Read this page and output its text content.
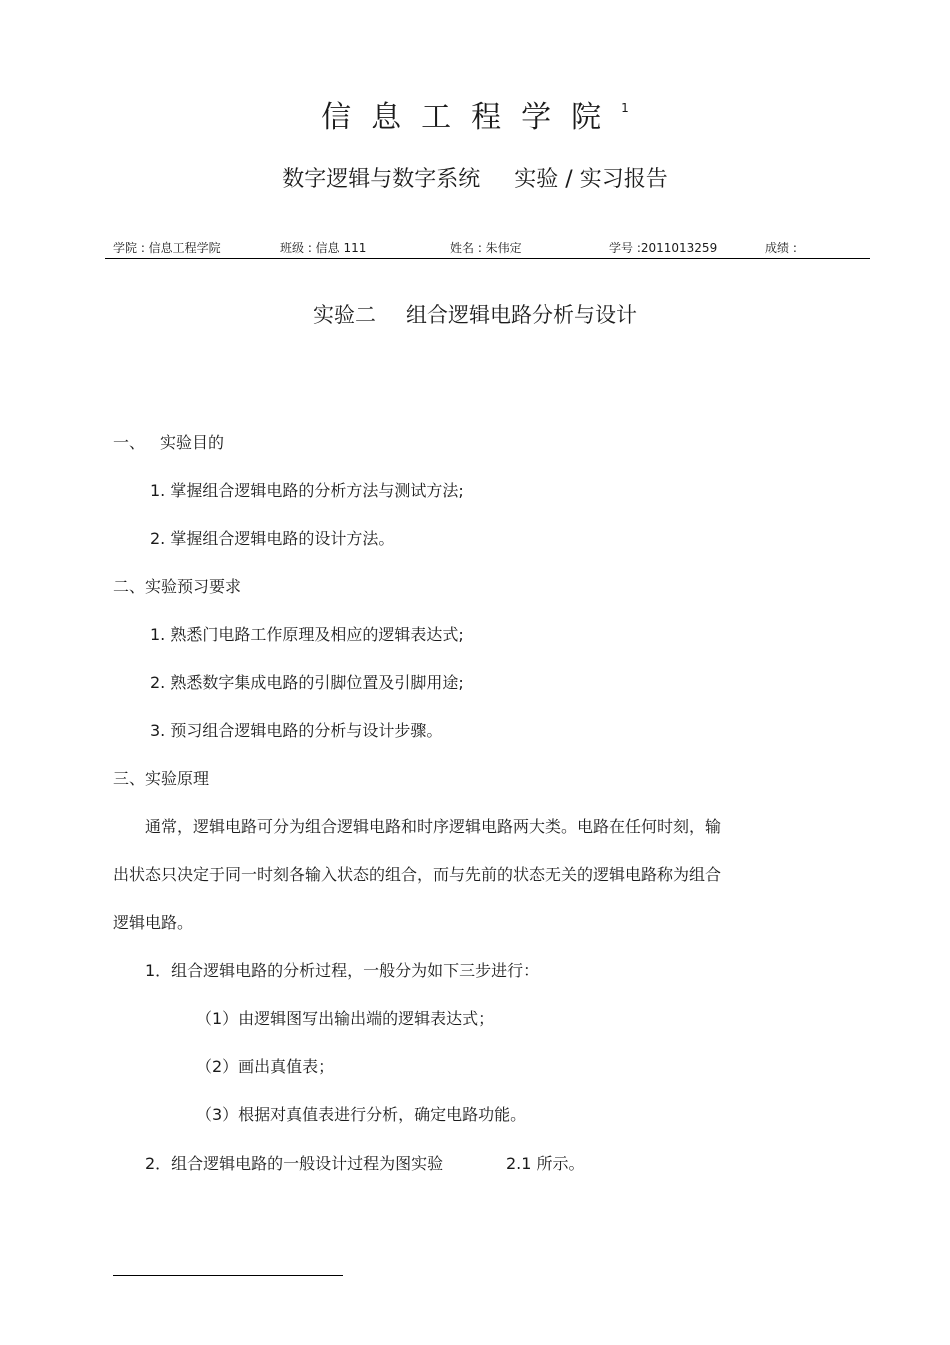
信息工程学院$^1$
数字逻辑与数字系统 实验 / 实习报告
学院 : 信息工程学院	班级 : 信息 111	姓名 : 朱伟定	学号 :2011013259	成绩 :
实验二 组合逻辑电路分析与设计
一、 实验目的
1. 掌握组合逻辑电路的分析方法与测试方法;
2. 掌握组合逻辑电路的设计方法。
二、实验预习要求
1. 熟悉门电路工作原理及相应的逻辑表达式;
2. 熟悉数字集成电路的引脚位置及引脚用途;
3. 预习组合逻辑电路的分析与设计步骤。
三、实验原理
通常，逻辑电路可分为组合逻辑电路和时序逻辑电路两大类。电路在任何时刻，输
出状态只决定于同一时刻各输入状态的组合，而与先前的状态无关的逻辑电路称为组合
逻辑电路。
1．组合逻辑电路的分析过程，一般分为如下三步进行：
（1）由逻辑图写出输出端的逻辑表达式；
（2）画出真值表；
（3）根据对真值表进行分析，确定电路功能。
2．组合逻辑电路的一般设计过程为图实验	2.1 所示。
